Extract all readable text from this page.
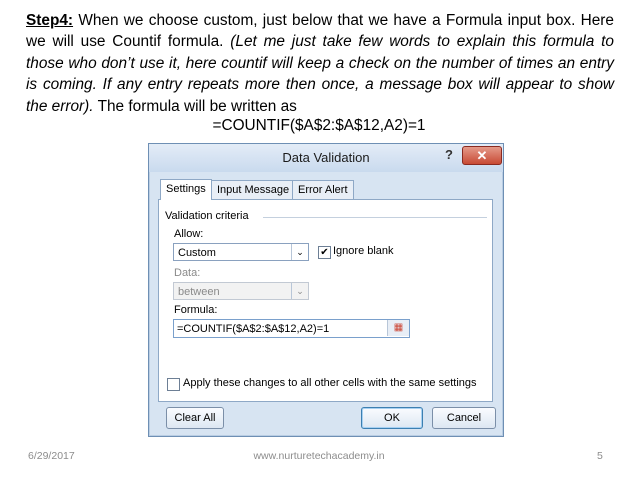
Step4: When we choose custom, just below that we have a Formula input box. Here we will use Countif formula. (Let me just take few words to explain this formula to those who don’t use it, here countif will keep a check on the number of times an entry is coming. If any entry repeats more then once, a message box will appear to show the error). The formula will be written as
=COUNTIF($A$2:$A$12,A2)=1
Data Validation	?	✕
Settings	Input Message Error Alert
Validation criteria
Allow:
Custom	⌄	✔ Ignore blank
Data:
between	⌄
Formula:
=COUNTIF($A$2:$A$12,A2)=1	▦
Apply these changes to all other cells with the same settings
Clear All	OK	Cancel
6/29/2017	www.nurturetechacademy.in	5
